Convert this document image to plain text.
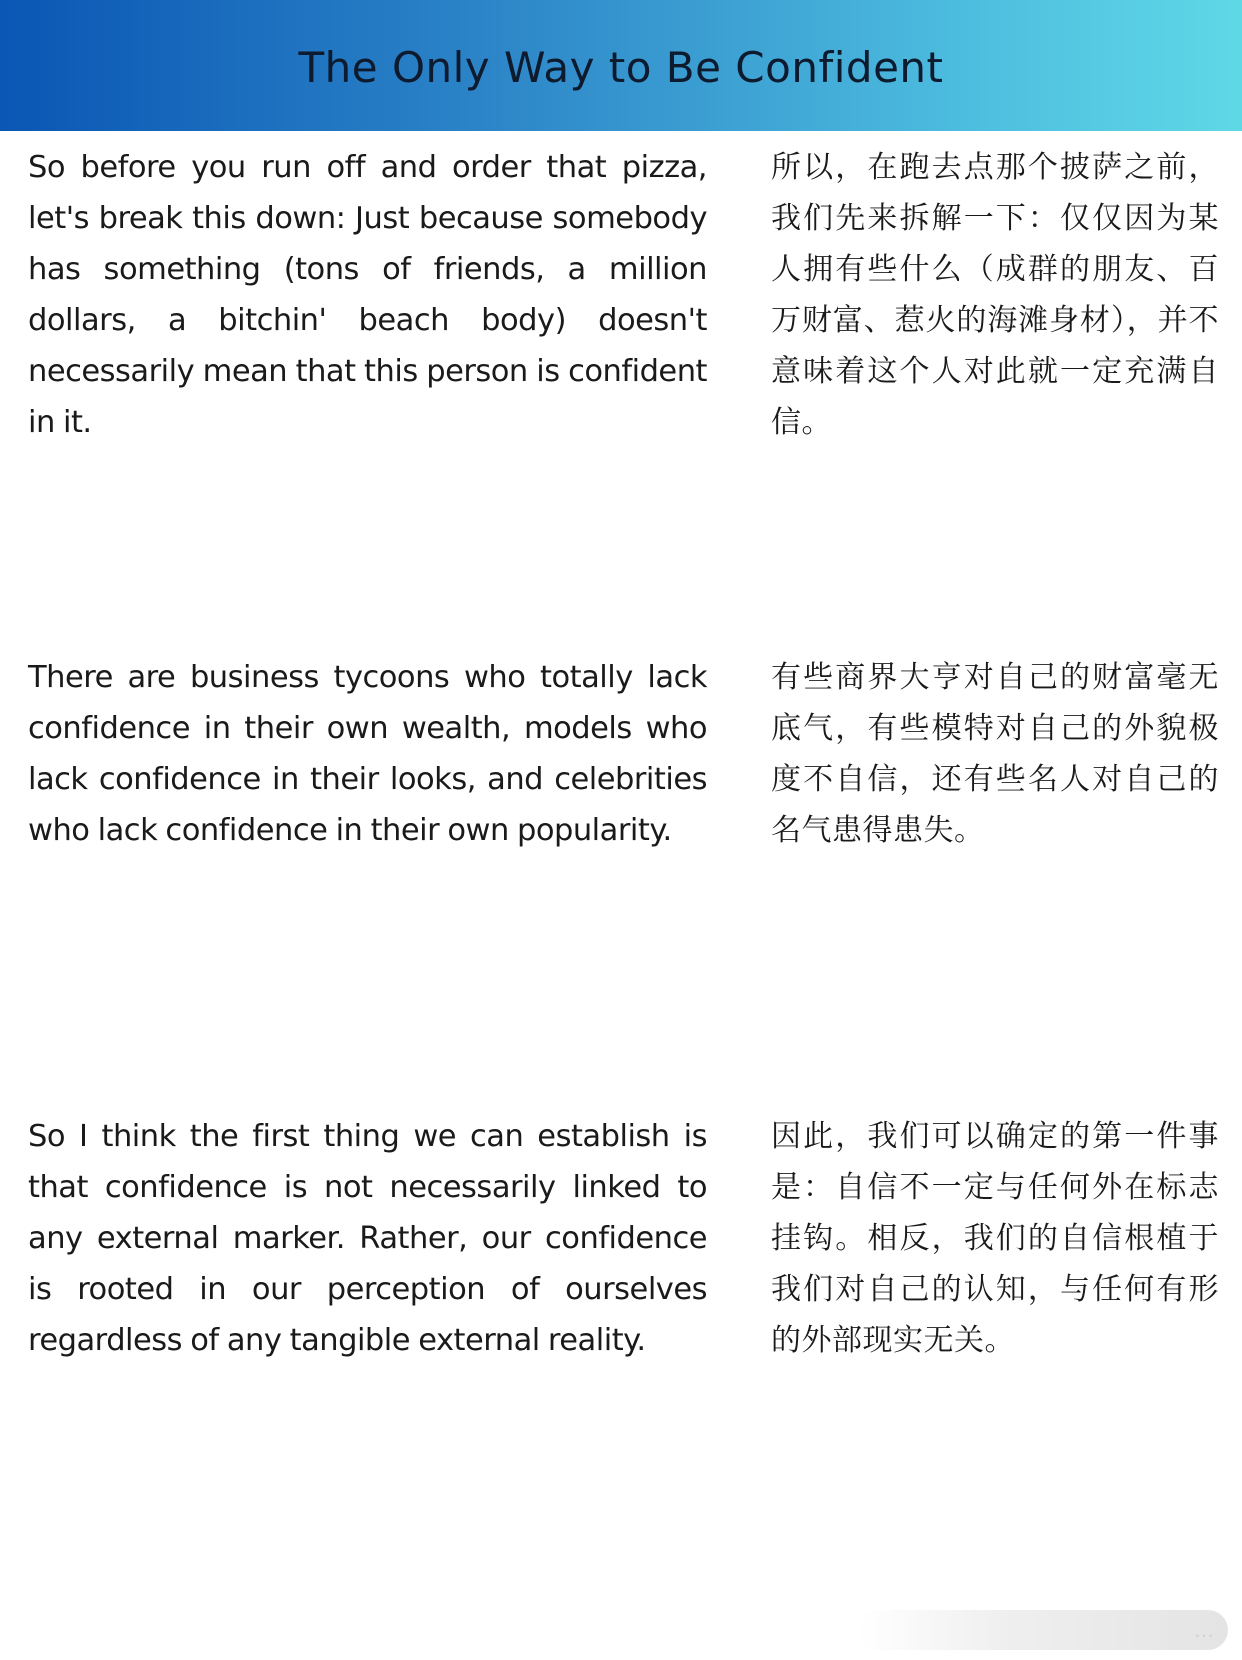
The Only Way to Be Confident

So before you run off and order that pizza, let's break this down: Just because somebody has something (tons of friends, a million dollars, a bitchin' beach body) doesn't necessarily mean that this person is confident in it.

所以，在跑去点那个披萨之前，我们先来拆解一下：仅仅因为某人拥有些什么（成群的朋友、百万财富、惹火的海滩身材），并不意味着这个人对此就一定充满自信。

There are business tycoons who totally lack confidence in their own wealth, models who lack confidence in their looks, and celebrities who lack confidence in their own popularity.

有些商界大亨对自己的财富毫无底气，有些模特对自己的外貌极度不自信，还有些名人对自己的名气患得患失。

So I think the first thing we can establish is that confidence is not necessarily linked to any external marker. Rather, our confidence is rooted in our perception of ourselves regardless of any tangible external reality.

因此，我们可以确定的第一件事是：自信不一定与任何外在标志挂钩。相反，我们的自信根植于我们对自己的认知，与任何有形的外部现实无关。

…
